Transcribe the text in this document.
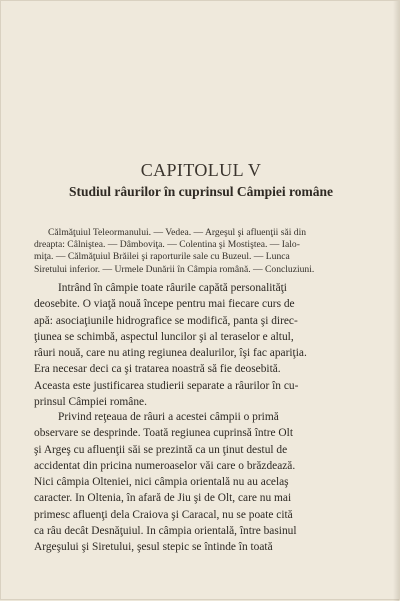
CAPITOLUL V
Studiul râurilor în cuprinsul Câmpiei române
Călmăţuiul Teleormanului. — Vedea. — Argeşul şi afluenţii săi din
dreapta: Câlniştea. — Dâmboviţa. — Colentina şi Mostiştea. — Ialo-
miţa. — Călmăţuiul Brăilei şi raporturile sale cu Buzeul. — Lunca
Siretului inferior. — Urmele Dunării în Câmpia română. — Concluziuni.
Intrând în câmpie toate râurile capătă personalităţi
deosebite. O viaţă nouă începe pentru mai fiecare curs de
apă: asociaţiunile hidrografice se modifică, panta şi direc-
ţiunea se schimbă, aspectul luncilor şi al teraselor e altul,
râuri nouă, care nu ating regiunea dealurilor, îşi fac apariţia.
Era necesar deci ca şi tratarea noastră să fie deosebită.
Aceasta este justificarea studierii separate a râurilor în cu-
prinsul Câmpiei române.
Privind reţeaua de râuri a acestei câmpii o primă
observare se desprinde. Toată regiunea cuprinsă între Olt
şi Argeş cu afluenţii săi se prezintă ca un ţinut destul de
accidentat din pricina numeroaselor văi care o brăzdează.
Nici câmpia Olteniei, nici câmpia orientală nu au acelaş
caracter. In Oltenia, în afară de Jiu şi de Olt, care nu mai
primesc afluenţi dela Craiova şi Caracal, nu se poate cită
ca râu decât Desnăţuiul. In câmpia orientală, între basinul
Argeşului şi Siretului, şesul stepic se întinde în toată
